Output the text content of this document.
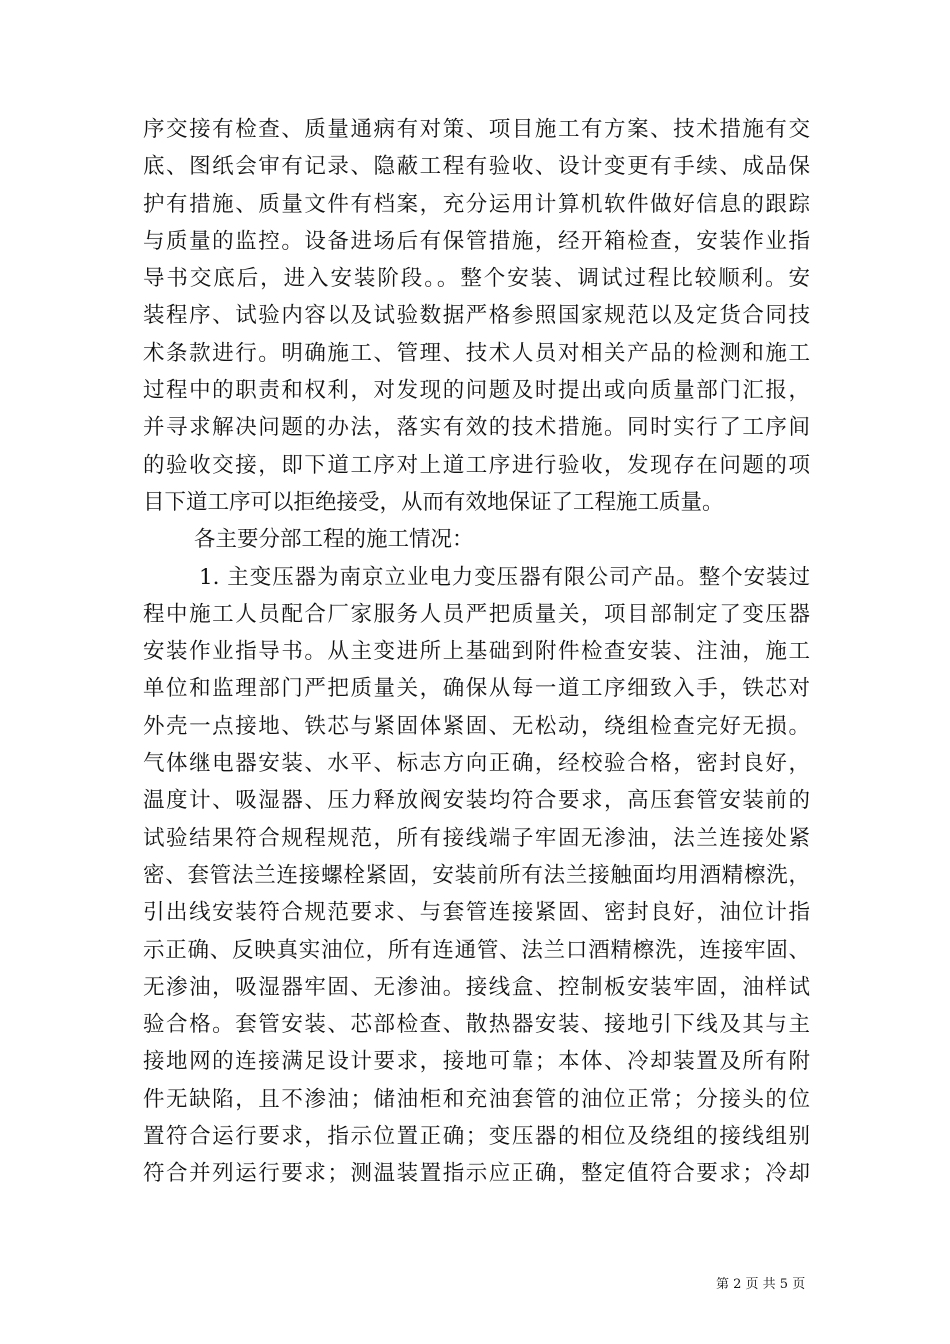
序交接有检查、质量通病有对策、项目施工有方案、技术措施有交
底、图纸会审有记录、隐蔽工程有验收、设计变更有手续、成品保
护有措施、质量文件有档案，充分运用计算机软件做好信息的跟踪
与质量的监控。设备进场后有保管措施，经开箱检查，安装作业指
导书交底后，进入安装阶段。。整个安装、调试过程比较顺利。安
装程序、试验内容以及试验数据严格参照国家规范以及定货合同技
术条款进行。明确施工、管理、技术人员对相关产品的检测和施工
过程中的职责和权利，对发现的问题及时提出或向质量部门汇报，
并寻求解决问题的办法，落实有效的技术措施。同时实行了工序间
的验收交接，即下道工序对上道工序进行验收，发现存在问题的项
目下道工序可以拒绝接受，从而有效地保证了工程施工质量。
各主要分部工程的施工情况：
1. 主变压器为南京立业电力变压器有限公司产品。整个安装过
程中施工人员配合厂家服务人员严把质量关，项目部制定了变压器
安装作业指导书。从主变进所上基础到附件检查安装、注油，施工
单位和监理部门严把质量关，确保从每一道工序细致入手，铁芯对
外壳一点接地、铁芯与紧固体紧固、无松动，绕组检查完好无损。
气体继电器安装、水平、标志方向正确，经校验合格，密封良好，
温度计、吸湿器、压力释放阀安装均符合要求，高压套管安装前的
试验结果符合规程规范，所有接线端子牢固无渗油，法兰连接处紧
密、套管法兰连接螺栓紧固，安装前所有法兰接触面均用酒精檫洗，
引出线安装符合规范要求、与套管连接紧固、密封良好，油位计指
示正确、反映真实油位，所有连通管、法兰口酒精檫洗，连接牢固、
无渗油，吸湿器牢固、无渗油。接线盒、控制板安装牢固，油样试
验合格。套管安装、芯部检查、散热器安装、接地引下线及其与主
接地网的连接满足设计要求，接地可靠；本体、冷却装置及所有附
件无缺陷，且不渗油；储油柜和充油套管的油位正常；分接头的位
置符合运行要求，指示位置正确；变压器的相位及绕组的接线组别
符合并列运行要求；测温装置指示应正确，整定值符合要求；冷却
第 2 页 共 5 页
